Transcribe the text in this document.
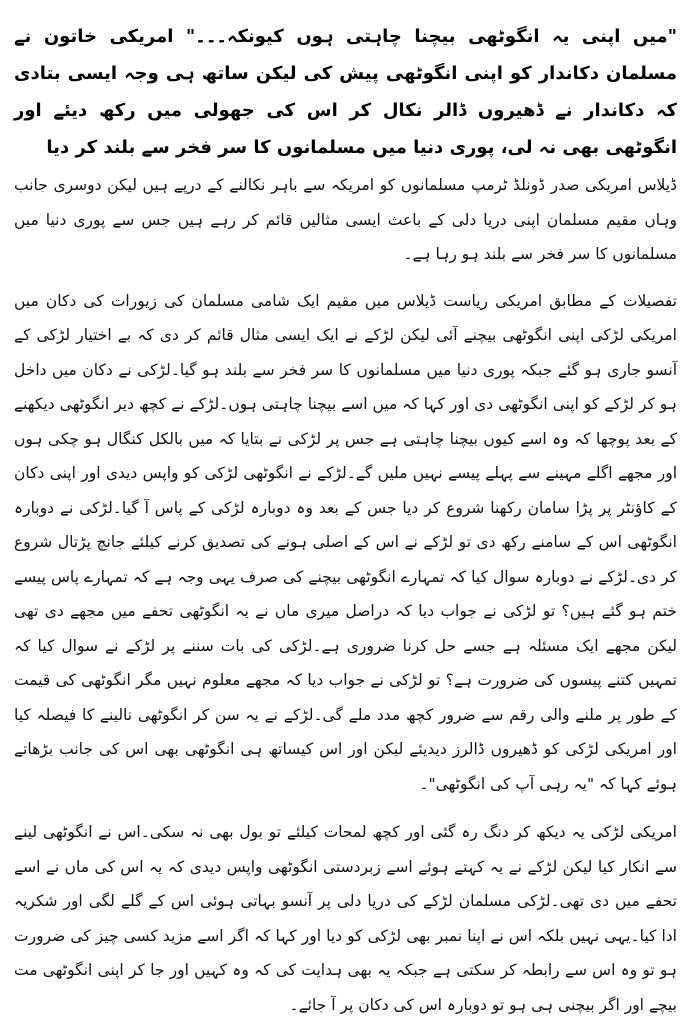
"میں اپنی یہ انگوٹھی بیچنا چاہتی ہوں کیونکہ۔۔۔" امریکی خاتون نے مسلمان دکاندار کو اپنی انگوٹھی پیش کی لیکن ساتھ ہی وجہ ایسی بتادی کہ دکاندار نے ڈھیروں ڈالر نکال کر اس کی جھولی میں رکھ دیئے اور انگوٹھی بھی نہ لی، پوری دنیا میں مسلمانوں کا سر فخر سے بلند کر دیا

ڈیلاس امریکی صدر ڈونلڈ ٹرمپ مسلمانوں کو امریکہ سے باہر نکالنے کے درپے ہیں لیکن دوسری جانب وہاں مقیم مسلمان اپنی دریا دلی کے باعث ایسی مثالیں قائم کر رہے ہیں جس سے پوری دنیا میں مسلمانوں کا سر فخر سے بلند ہو رہا ہے۔

تفصیلات کے مطابق امریکی ریاست ڈیلاس میں مقیم ایک شامی مسلمان کی زیورات کی دکان میں امریکی لڑکی اپنی انگوٹھی بیچنے آئی لیکن لڑکے نے ایک ایسی مثال قائم کر دی کہ بے اختیار لڑکی کے آنسو جاری ہو گئے جبکہ پوری دنیا میں مسلمانوں کا سر فخر سے بلند ہو گیا۔لڑکی نے دکان میں داخل ہو کر لڑکے کو اپنی انگوٹھی دی اور کہا کہ میں اسے بیچنا چاہتی ہوں۔لڑکے نے کچھ دیر انگوٹھی دیکھنے کے بعد پوچھا کہ وہ اسے کیوں بیچنا چاہتی ہے جس پر لڑکی نے بتایا کہ میں بالکل کنگال ہو چکی ہوں اور مجھے اگلے مہینے سے پہلے پیسے نہیں ملیں گے۔لڑکے نے انگوٹھی لڑکی کو واپس دیدی اور اپنی دکان کے کاؤنٹر پر پڑا سامان رکھنا شروع کر دیا جس کے بعد وہ دوبارہ لڑکی کے پاس آ گیا۔لڑکی نے دوبارہ انگوٹھی اس کے سامنے رکھ دی تو لڑکے نے اس کے اصلی ہونے کی تصدیق کرنے کیلئے جانچ پڑتال شروع کر دی۔لڑکے نے دوبارہ سوال کیا کہ تمہارے انگوٹھی بیچنے کی صرف یہی وجہ ہے کہ تمہارے پاس پیسے ختم ہو گئے ہیں؟ تو لڑکی نے جواب دیا کہ دراصل میری ماں نے یہ انگوٹھی تحفے میں مجھے دی تھی لیکن مجھے ایک مسئلہ ہے جسے حل کرنا ضروری ہے۔لڑکی کی بات سننے پر لڑکے نے سوال کیا کہ تمہیں کتنے پیسوں کی ضرورت ہے؟ تو لڑکی نے جواب دیا کہ مجھے معلوم نہیں مگر انگوٹھی کی قیمت کے طور پر ملنے والی رقم سے ضرور کچھ مدد ملے گی۔لڑکے نے یہ سن کر انگوٹھی نالینے کا فیصلہ کیا اور امریکی لڑکی کو ڈھیروں ڈالرز دیدیئے لیکن اور اس کیساتھ ہی انگوٹھی بھی اس کی جانب بڑھاتے ہوئے کہا کہ "یہ رہی آپ کی انگوٹھی"۔

امریکی لڑکی یہ دیکھ کر دنگ رہ گئی اور کچھ لمحات کیلئے تو بول بھی نہ سکی۔اس نے انگوٹھی لینے سے انکار کیا لیکن لڑکے نے یہ کہتے ہوئے اسے زبردستی انگوٹھی واپس دیدی کہ یہ اس کی ماں نے اسے تحفے میں دی تھی۔لڑکی مسلمان لڑکے کی دریا دلی پر آنسو بہاتی ہوئی اس کے گلے لگی اور شکریہ ادا کیا۔یہی نہیں بلکہ اس نے اپنا نمبر بھی لڑکی کو دیا اور کہا کہ اگر اسے مزید کسی چیز کی ضرورت ہو تو وہ اس سے رابطہ کر سکتی ہے جبکہ یہ بھی ہدایت کی کہ وہ کہیں اور جا کر اپنی انگوٹھی مت بیچے اور اگر بیچنی ہی ہو تو دوبارہ اس کی دکان پر آ جائے۔
